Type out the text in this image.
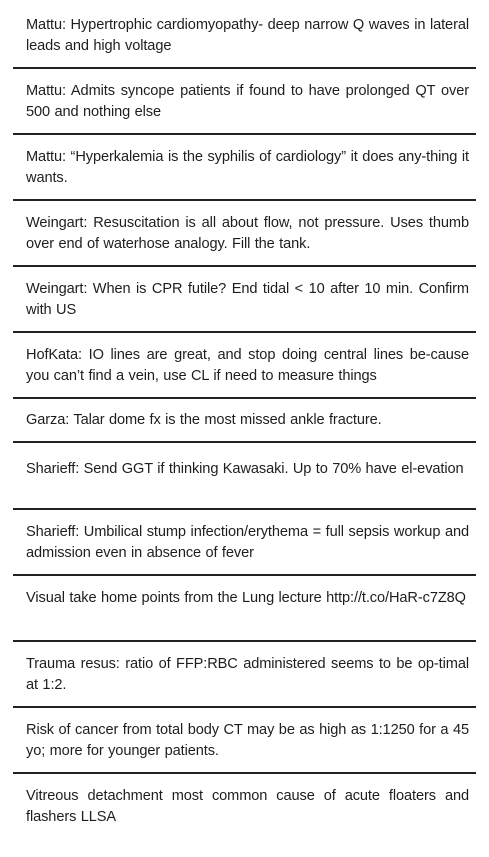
Mattu: Hypertrophic cardiomyopathy- deep narrow Q waves in lateral leads and high voltage
Mattu: Admits syncope patients if found to have prolonged QT over 500 and nothing else
Mattu: “Hyperkalemia is the syphilis of cardiology” it does any-thing it wants.
Weingart: Resuscitation is all about flow, not pressure. Uses thumb over end of waterhose analogy. Fill the tank.
Weingart: When is CPR futile? End tidal < 10 after 10 min. Confirm with US
HofKata: IO lines are great, and stop doing central lines be-cause you can’t find a vein, use CL if need to measure things
Garza: Talar dome fx is the most missed ankle fracture.
Sharieff: Send GGT if thinking Kawasaki. Up to 70% have el-evation
Sharieff: Umbilical stump infection/erythema = full sepsis workup and admission even in absence of fever
Visual take home points from the Lung lecture http://t.co/HaR-c7Z8Q
Trauma resus: ratio of FFP:RBC administered seems to be op-timal at 1:2.
Risk of cancer from total body CT may be as high as 1:1250 for a 45 yo; more for younger patients.
Vitreous detachment most common cause of acute floaters and flashers LLSA
